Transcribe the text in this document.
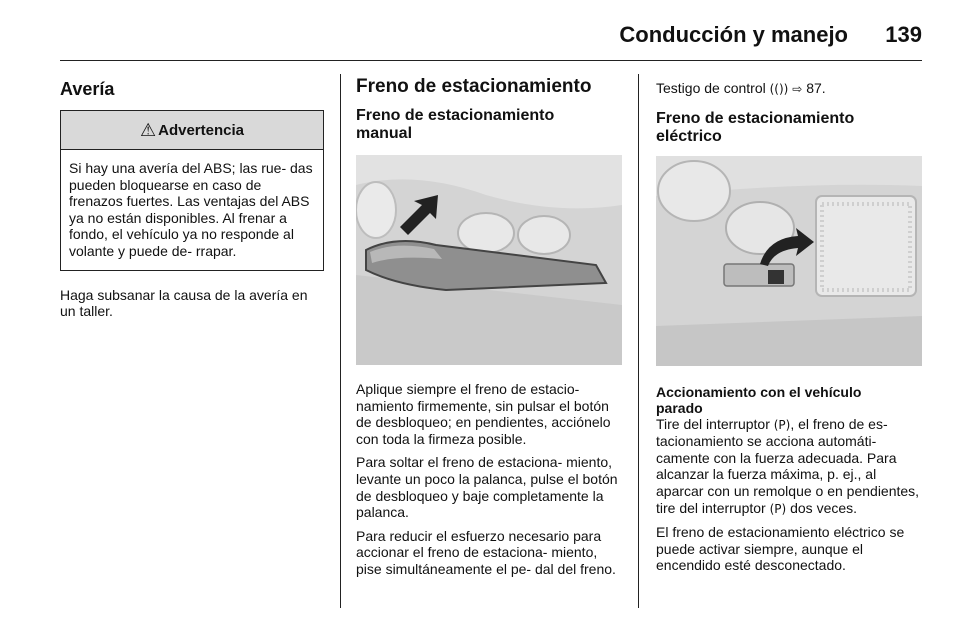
Conducción y manejo 139
Avería
⚠ Advertencia

Si hay una avería del ABS; las rue- das pueden bloquearse en caso de frenazos fuertes. Las ventajas del ABS ya no están disponibles. Al frenar a fondo, el vehículo ya no responde al volante y puede de- rrapar.

Haga subsanar la causa de la avería en un taller.

Freno de estacionamiento
Freno de estacionamiento manual

Aplique siempre el freno de estacio- namiento firmemente, sin pulsar el botón de desbloqueo; en pendientes, acciónelo con toda la firmeza posible.

Para soltar el freno de estaciona- miento, levante un poco la palanca, pulse el botón de desbloqueo y baje completamente la palanca.

Para reducir el esfuerzo necesario para accionar el freno de estaciona- miento, pise simultáneamente el pe- dal del freno.

Testigo de control (()) ⇨ 87.

Freno de estacionamiento eléctrico
Accionamiento con el vehículo parado

Tire del interruptor (P), el freno de es- tacionamiento se acciona automáti- camente con la fuerza adecuada. Para alcanzar la fuerza máxima, p. ej., al aparcar con un remolque o en pendientes, tire del interruptor (P) dos veces.

El freno de estacionamiento eléctrico se puede activar siempre, aunque el encendido esté desconectado.
